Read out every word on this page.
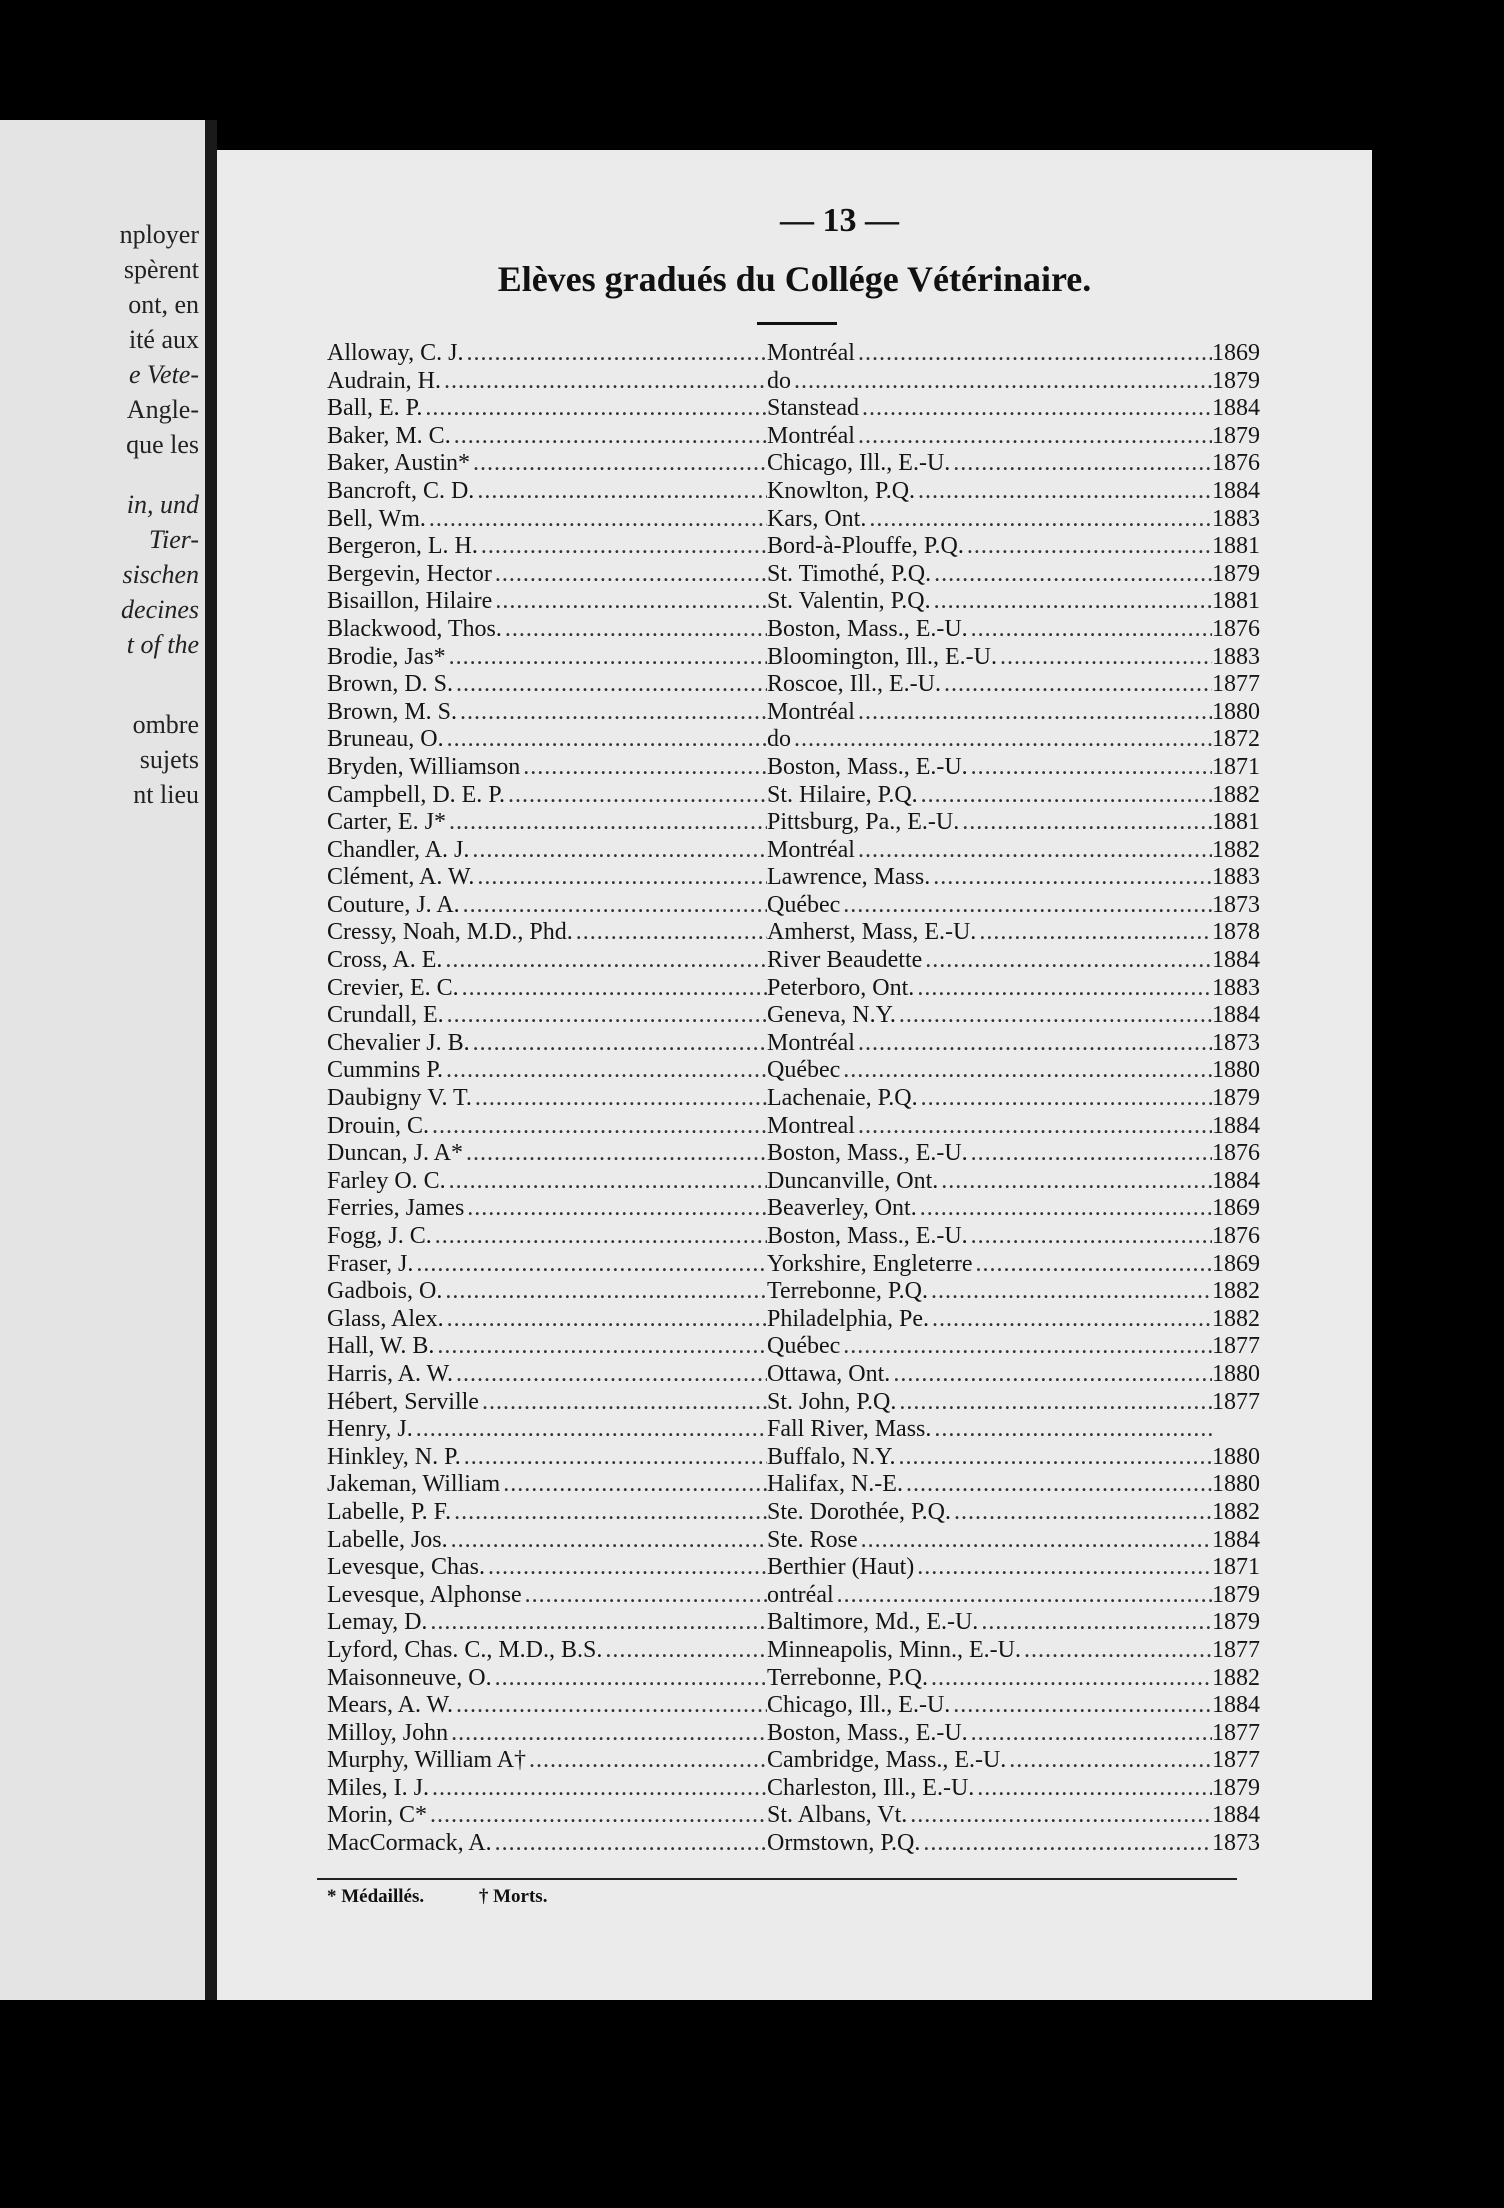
nployer
spèrent
ont, en
ité aux
e Vete-
Angle-
que les
in, und
Tier-
sischen
decines
t of the
ombre
sujets
nt lieu
— 13 —
Elèves gradués du Collége Vétérinaire.
Alloway, C. J. .....	Montréal .....	1869
Audrain, H. .....	do .....	1879
Ball, E. P. .....	Stanstead .....	1884
Baker, M. C. .....	Montréal .....	1879
Baker, Austin* .....	Chicago, Ill., E.-U. .....	1876
Bancroft, C. D. .....	Knowlton, P.Q. .....	1884
Bell, Wm. .....	Kars, Ont. .....	1883
Bergeron, L. H. .....	Bord-à-Plouffe, P.Q. .....	1881
Bergevin, Hector .....	St. Timothé, P.Q. .....	1879
Bisaillon, Hilaire .....	St. Valentin, P.Q. .....	1881
Blackwood, Thos. .....	Boston, Mass., E.-U. .....	1876
Brodie, Jas* .....	Bloomington, Ill., E.-U. .....	1883
Brown, D. S. .....	Roscoe, Ill., E.-U. .....	1877
Brown, M. S. .....	Montréal .....	1880
Bruneau, O. .....	do .....	1872
Bryden, Williamson .....	Boston, Mass., E.-U. .....	1871
Campbell, D. E. P. .....	St. Hilaire, P.Q. .....	1882
Carter, E. J* .....	Pittsburg, Pa., E.-U. .....	1881
Chandler, A. J. .....	Montréal .....	1882
Clément, A. W. .....	Lawrence, Mass. .....	1883
Couture, J. A. .....	Québec .....	1873
Cressy, Noah, M.D., Phd. .....	Amherst, Mass, E.-U. .....	1878
Cross, A. E. .....	River Beaudette .....	1884
Crevier, E. C. .....	Peterboro, Ont. .....	1883
Crundall, E. .....	Geneva, N.Y. .....	1884
Chevalier J. B. .....	Montréal .....	1873
Cummins P. .....	Québec .....	1880
Daubigny V. T. .....	Lachenaie, P.Q. .....	1879
Drouin, C. .....	Montreal .....	1884
Duncan, J. A* .....	Boston, Mass., E.-U. .....	1876
Farley O. C. .....	Duncanville, Ont. .....	1884
Ferries, James .....	Beaverley, Ont. .....	1869
Fogg, J. C. .....	Boston, Mass., E.-U. .....	1876
Fraser, J. .....	Yorkshire, Engleterre .....	1869
Gadbois, O. .....	Terrebonne, P.Q. .....	1882
Glass, Alex. .....	Philadelphia, Pe. .....	1882
Hall, W. B. .....	Québec .....	1877
Harris, A. W. .....	Ottawa, Ont. .....	1880
Hébert, Serville .....	St. John, P.Q. .....	1877
Henry, J. .....	Fall River, Mass. .....
Hinkley, N. P. .....	Buffalo, N.Y. .....	1880
Jakeman, William .....	Halifax, N.-E. .....	1880
Labelle, P. F. .....	Ste. Dorothée, P.Q. .....	1882
Labelle, Jos. .....	Ste. Rose .....	1884
Levesque, Chas. .....	Berthier (Haut) .....	1871
Levesque, Alphonse .....	ontréal .....	1879
Lemay, D. .....	Baltimore, Md., E.-U. .....	1879
Lyford, Chas. C., M.D., B.S. .....	Minneapolis, Minn., E.-U. .....	1877
Maisonneuve, O. .....	Terrebonne, P.Q. .....	1882
Mears, A. W. .....	Chicago, Ill., E.-U. .....	1884
Milloy, John .....	Boston, Mass., E.-U. .....	1877
Murphy, William A† .....	Cambridge, Mass., E.-U. .....	1877
Miles, I. J. .....	Charleston, Ill., E.-U. .....	1879
Morin, C* .....	St. Albans, Vt. .....	1884
MacCormack, A. .....	Ormstown, P.Q. .....	1873
* Médaillés.	† Morts.
